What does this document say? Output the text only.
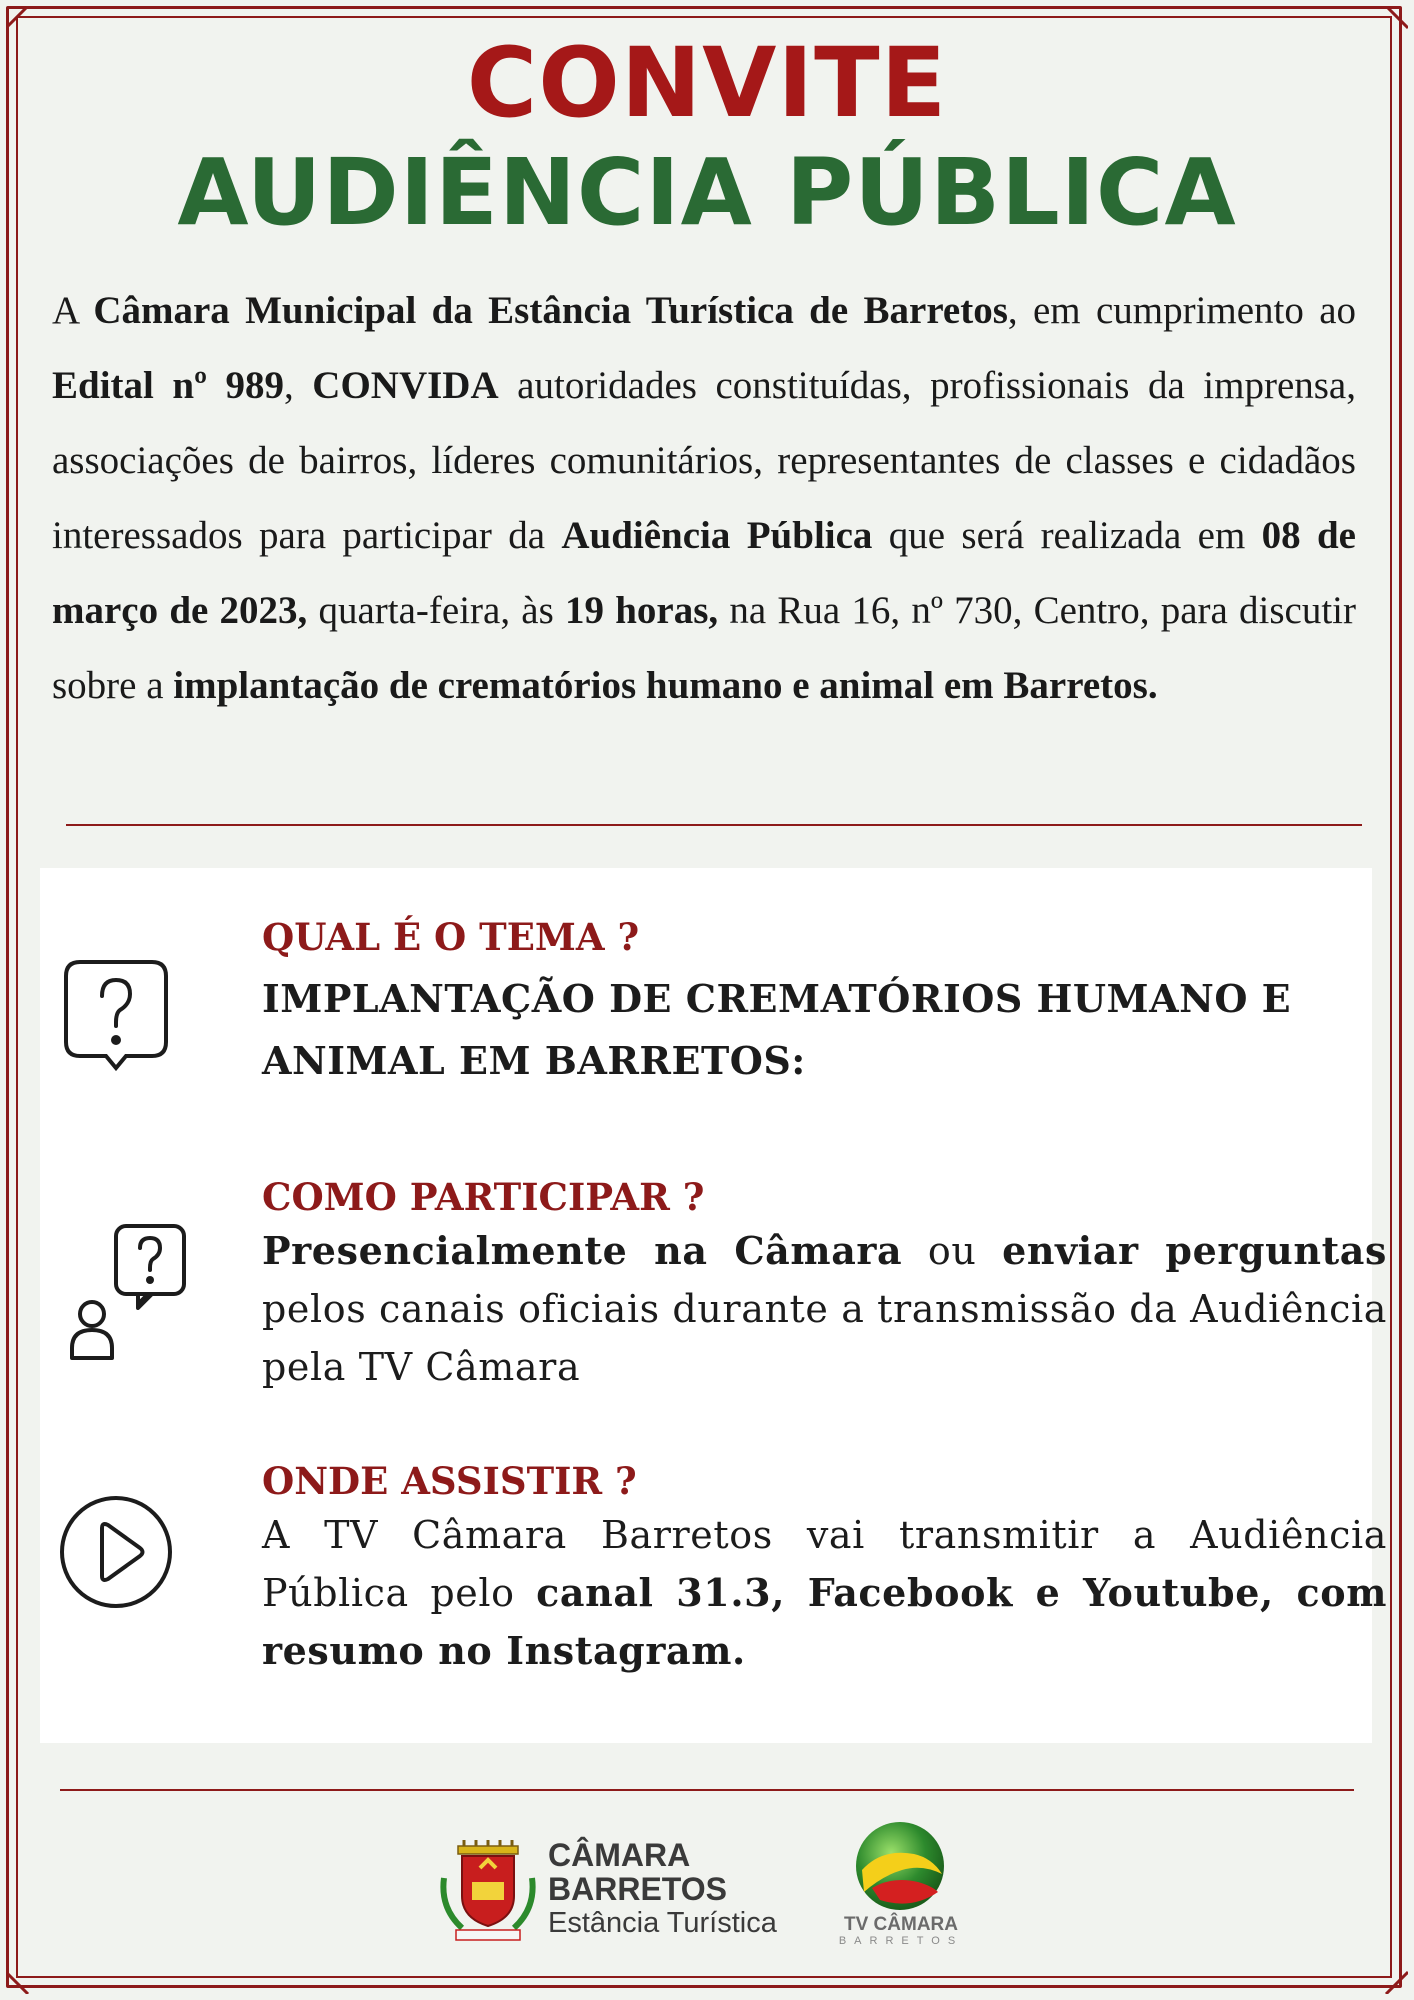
CONVITE
AUDIÊNCIA PÚBLICA
A Câmara Municipal da Estância Turística de Barretos, em cumprimento ao Edital nº 989, CONVIDA autoridades constituídas, profissionais da imprensa, associações de bairros, líderes comunitários, representantes de classes e cidadãos interessados para participar da Audiência Pública que será realizada em 08 de março de 2023, quarta-feira, às 19 horas, na Rua 16, nº 730, Centro, para discutir sobre a implantação de crematórios humano e animal em Barretos.
QUAL É O TEMA ?
IMPLANTAÇÃO DE CREMATÓRIOS HUMANO E ANIMAL EM BARRETOS:
COMO PARTICIPAR ?
Presencialmente na Câmara ou enviar perguntas pelos canais oficiais durante a transmissão da Audiência pela TV Câmara
ONDE ASSISTIR ?
A TV Câmara Barretos vai transmitir a Audiência Pública pelo canal 31.3, Facebook e Youtube, com resumo no Instagram.
CÂMARA
BARRETOS
Estância Turística	TV CÂMARA
BARRETOS
